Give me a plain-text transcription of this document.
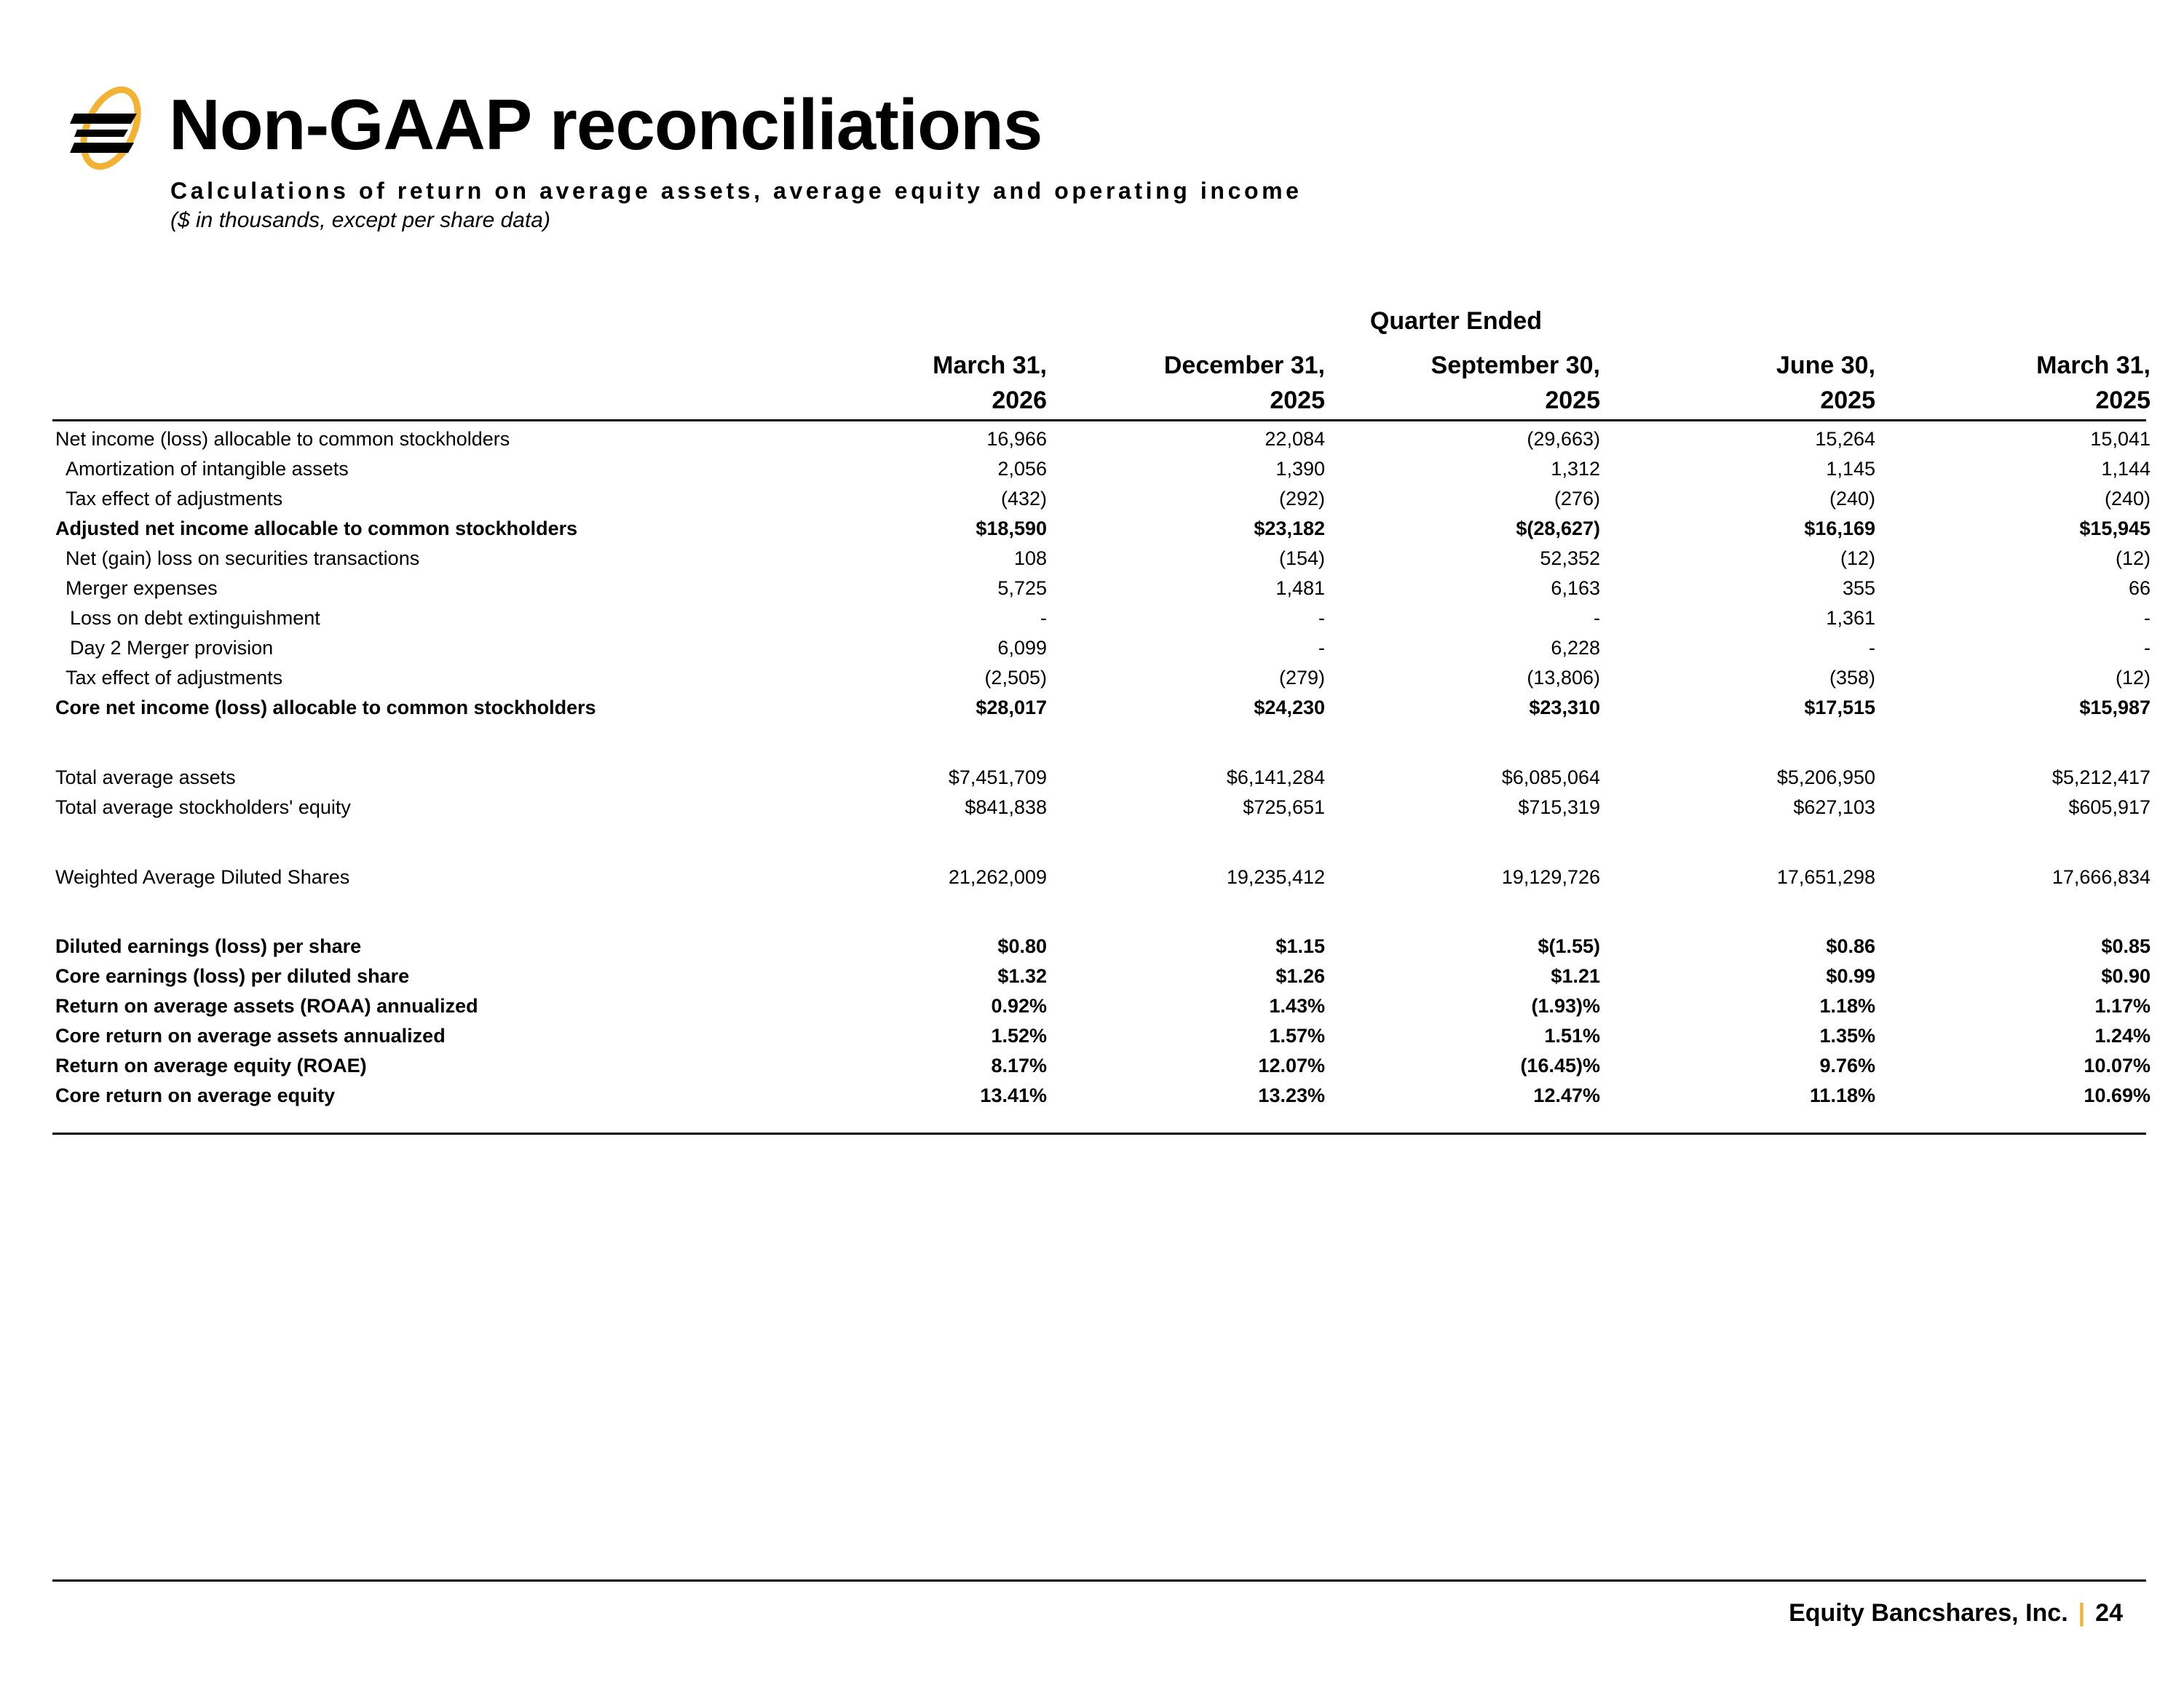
Non-GAAP reconciliations
Calculations of return on average assets, average equity and operating income
($ in thousands, except per share data)
Quarter Ended
March 31,
2026
December 31,
2025
September 30,
2025
June 30,
2025
March 31,
2025
Net income (loss) allocable to common stockholders	16,966	22,084	(29,663)	15,264	15,041
Amortization of intangible assets	2,056	1,390	1,312	1,145	1,144
Tax effect of adjustments	(432)	(292)	(276)	(240)	(240)
Adjusted net income allocable to common stockholders	$18,590	$23,182	$(28,627)	$16,169	$15,945
Net (gain) loss on securities transactions	108	(154)	52,352	(12)	(12)
Merger expenses	5,725	1,481	6,163	355	66
Loss on debt extinguishment	-	-	-	1,361	-
Day 2 Merger provision	6,099	-	6,228	-	-
Tax effect of adjustments	(2,505)	(279)	(13,806)	(358)	(12)
Core net income (loss) allocable to common stockholders	$28,017	$24,230	$23,310	$17,515	$15,987
Total average assets	$7,451,709	$6,141,284	$6,085,064	$5,206,950	$5,212,417
Total average stockholders' equity	$841,838	$725,651	$715,319	$627,103	$605,917
Weighted Average Diluted Shares	21,262,009	19,235,412	19,129,726	17,651,298	17,666,834
Diluted earnings (loss) per share	$0.80	$1.15	$(1.55)	$0.86	$0.85
Core earnings (loss) per diluted share	$1.32	$1.26	$1.21	$0.99	$0.90
Return on average assets (ROAA) annualized	0.92%	1.43%	(1.93)%	1.18%	1.17%
Core return on average assets annualized	1.52%	1.57%	1.51%	1.35%	1.24%
Return on average equity (ROAE)	8.17%	12.07%	(16.45)%	9.76%	10.07%
Core return on average equity	13.41%	13.23%	12.47%	11.18%	10.69%
Equity Bancshares, Inc. | 24
